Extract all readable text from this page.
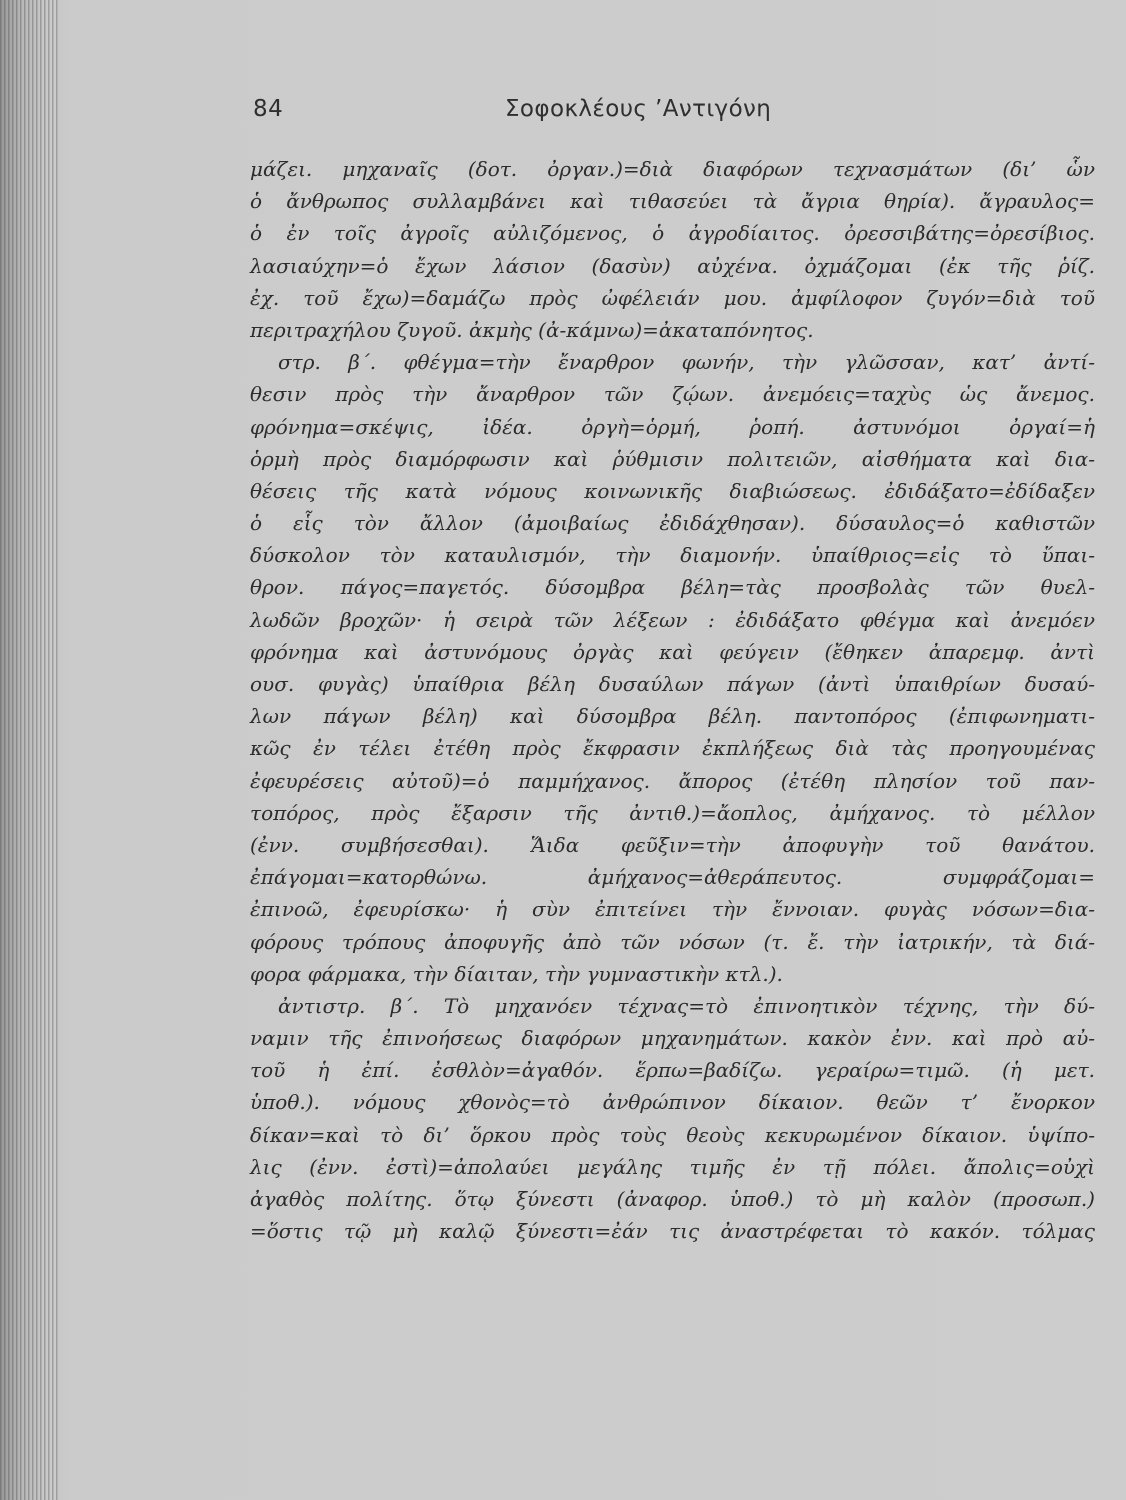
84	Σοφοκλέους ’Αντιγόνη
μάζει. μηχαναῖς (δοτ. ὀργαν.)=διὰ διαφόρων τεχνασμάτων (δι’ ὧν
ὁ ἄνθρωπος συλλαμβάνει καὶ τιθασεύει τὰ ἄγρια θηρία). ἄγραυλος=
ὁ ἐν τοῖς ἀγροῖς αὐλιζόμενος, ὁ ἀγροδίαιτος. ὀρεσσιβάτης=ὀρεσίβιος.
λασιαύχην=ὁ ἔχων λάσιον (δασὺν) αὐχένα. ὀχμάζομαι (ἐκ τῆς ῥίζ.
ἐχ. τοῦ ἔχω)=δαμάζω πρὸς ὠφέλειάν μου. ἀμφίλοφον ζυγόν=διὰ τοῦ
περιτραχήλου ζυγοῦ. ἀκμὴς (ἀ-κάμνω)=ἀκαταπόνητος.
στρ. β΄. φθέγμα=τὴν ἔναρθρον φωνήν, τὴν γλῶσσαν, κατ’ ἀντί-
θεσιν πρὸς τὴν ἄναρθρον τῶν ζῴων. ἀνεμόεις=ταχὺς ὡς ἄνεμος.
φρόνημα=σκέψις, ἰδέα. ὀργὴ=ὁρμή, ῥοπή. ἀστυνόμοι ὀργαί=ἡ
ὁρμὴ πρὸς διαμόρφωσιν καὶ ῥύθμισιν πολιτειῶν, αἰσθήματα καὶ δια-
θέσεις τῆς κατὰ νόμους κοινωνικῆς διαβιώσεως. ἐδιδάξατο=ἐδίδαξεν
ὁ εἷς τὸν ἄλλον (ἀμοιβαίως ἐδιδάχθησαν). δύσαυλος=ὁ καθιστῶν
δύσκολον τὸν καταυλισμόν, τὴν διαμονήν. ὑπαίθριος=εἰς τὸ ὕπαι-
θρον. πάγος=παγετός. δύσομβρα βέλη=τὰς προσβολὰς τῶν θυελ-
λωδῶν βροχῶν· ἡ σειρὰ τῶν λέξεων : ἐδιδάξατο φθέγμα καὶ ἀνεμόεν
φρόνημα καὶ ἀστυνόμους ὀργὰς καὶ φεύγειν (ἔθηκεν ἀπαρεμφ. ἀντὶ
ουσ. φυγὰς) ὑπαίθρια βέλη δυσαύλων πάγων (ἀντὶ ὑπαιθρίων δυσαύ-
λων πάγων βέλη) καὶ δύσομβρα βέλη. παντοπόρος (ἐπιφωνηματι-
κῶς ἐν τέλει ἐτέθη πρὸς ἔκφρασιν ἐκπλήξεως διὰ τὰς προηγουμένας
ἐφευρέσεις αὐτοῦ)=ὁ παμμήχανος. ἄπορος (ἐτέθη πλησίον τοῦ παν-
τοπόρος, πρὸς ἔξαρσιν τῆς ἀντιθ.)=ἄοπλος, ἀμήχανος. τὸ μέλλον
(ἐνν. συμβήσεσθαι). Ἅιδα φεῦξιν=τὴν ἀποφυγὴν τοῦ θανάτου.
ἐπάγομαι=κατορθώνω. ἀμήχανος=ἀθεράπευτος. συμφράζομαι=
ἐπινοῶ, ἐφευρίσκω· ἡ σὺν ἐπιτείνει τὴν ἔννοιαν. φυγὰς νόσων=δια-
φόρους τρόπους ἀποφυγῆς ἀπὸ τῶν νόσων (τ. ἔ. τὴν ἰατρικήν, τὰ διά-
φορα φάρμακα, τὴν δίαιταν, τὴν γυμναστικὴν κτλ.).
ἀντιστρ. β΄. Τὸ μηχανόεν τέχνας=τὸ ἐπινοητικὸν τέχνης, τὴν δύ-
ναμιν τῆς ἐπινοήσεως διαφόρων μηχανημάτων. κακὸν ἐνν. καὶ πρὸ αὐ-
τοῦ ἡ ἐπί. ἐσθλὸν=ἀγαθόν. ἕρπω=βαδίζω. γεραίρω=τιμῶ. (ἡ μετ.
ὑποθ.). νόμους χθονὸς=τὸ ἀνθρώπινον δίκαιον. θεῶν τ’ ἔνορκον
δίκαν=καὶ τὸ δι’ ὅρκου πρὸς τοὺς θεοὺς κεκυρωμένον δίκαιον. ὑψίπο-
λις (ἐνν. ἐστὶ)=ἀπολαύει μεγάλης τιμῆς ἐν τῇ πόλει. ἄπολις=οὐχὶ
ἀγαθὸς πολίτης. ὅτῳ ξύνεστι (ἀναφορ. ὑποθ.) τὸ μὴ καλὸν (προσωπ.)
=ὅστις τῷ μὴ καλῷ ξύνεστι=ἐάν τις ἀναστρέφεται τὸ κακόν. τόλμας
